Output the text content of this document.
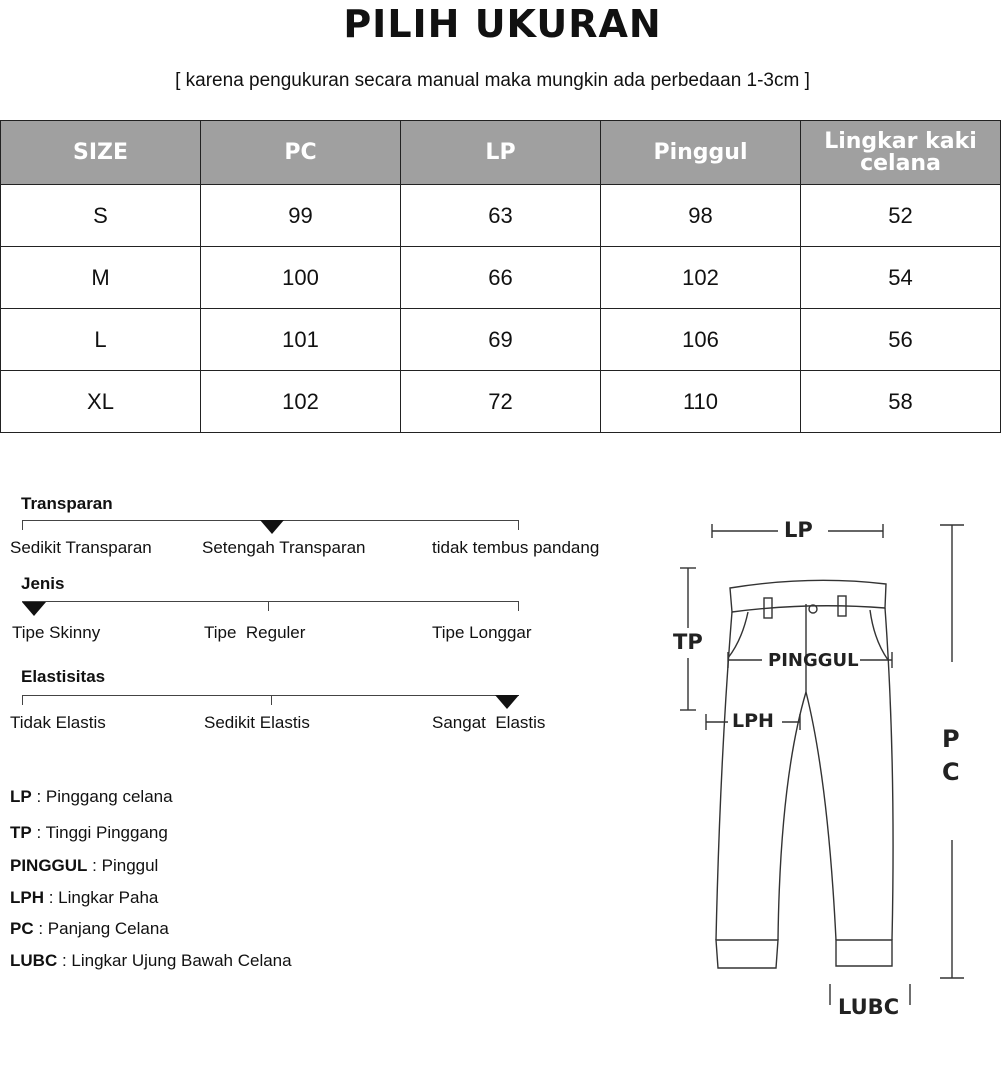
PILIH UKURAN
[ karena pengukuran secara manual maka mungkin ada perbedaan 1-3cm ]
SIZE	PC	LP	Pinggul	Lingkar kaki celana
S	99	63	98	52
M	100	66	102	54
L	101	69	106	56
XL	102	72	110	58
Transparan
Sedikit Transparan	Setengah Transparan	tidak tembus pandang
Jenis
Tipe Skinny	Tipe  Reguler	Tipe Longgar
Elastisitas
Tidak Elastis	Sedikit Elastis	Sangat  Elastis
LP : Pinggang celana
TP : Tinggi Pinggang
PINGGUL : Pinggul
LPH : Lingkar Paha
PC : Panjang Celana
LUBC : Lingkar Ujung Bawah Celana
LP
TP
PINGGUL
LPH
P
C
LUBC
